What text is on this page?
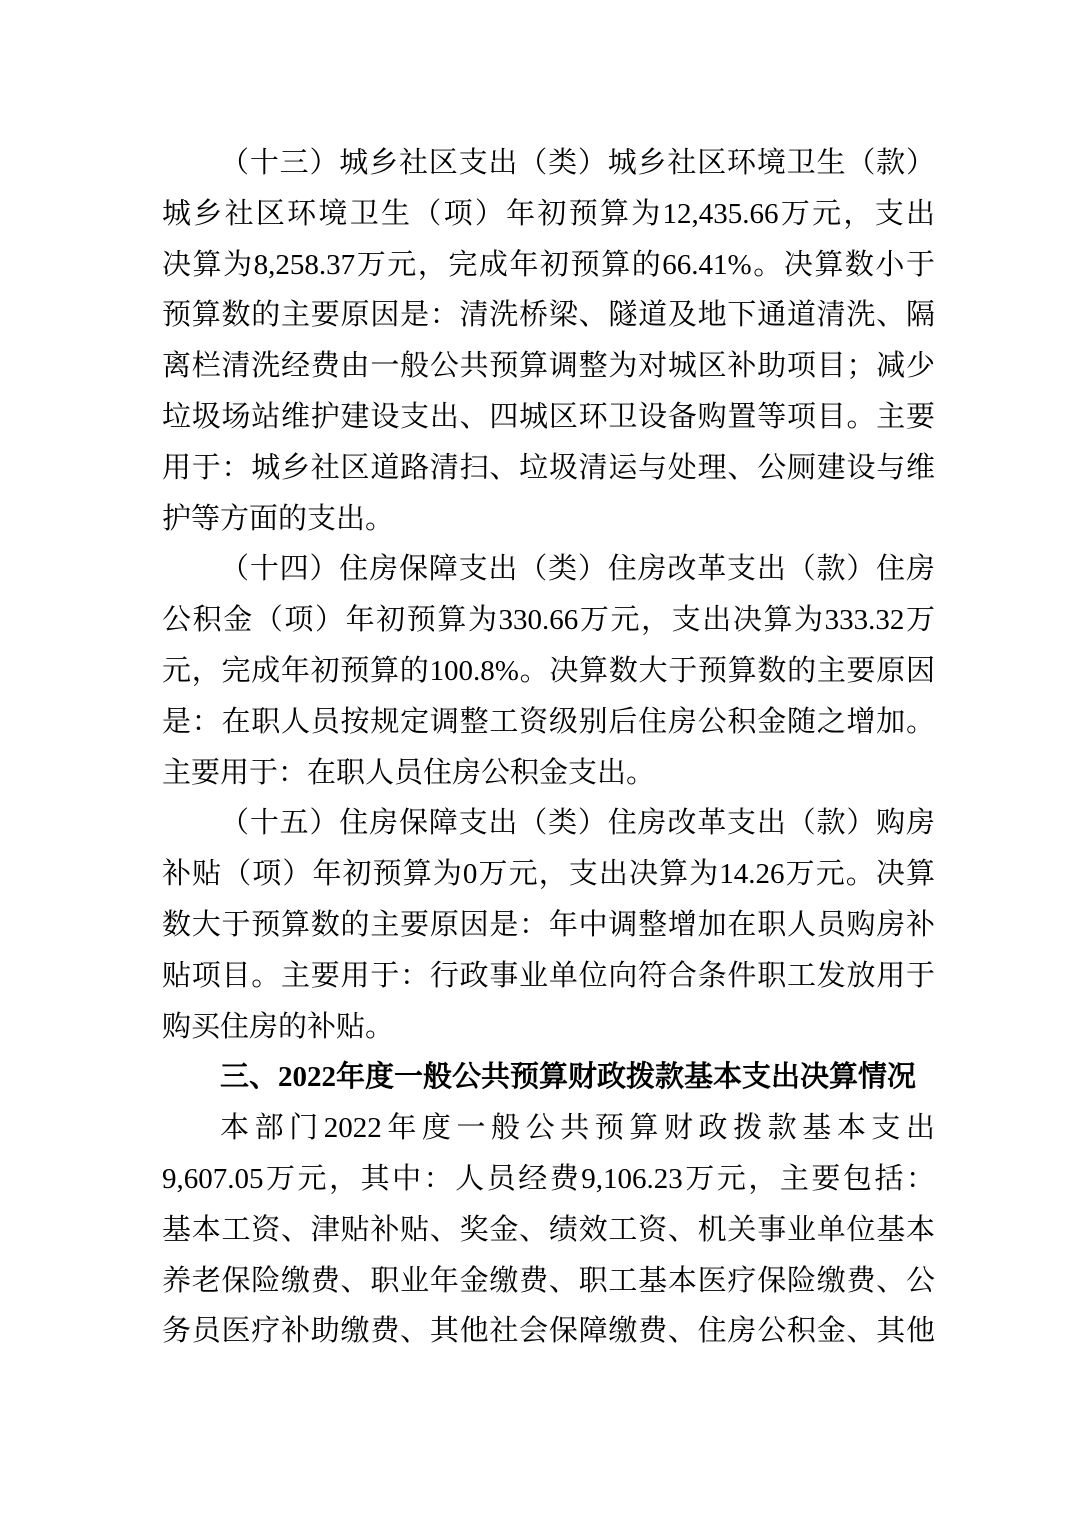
（十三）城乡社区支出（类）城乡社区环境卫生（款）
城乡社区环境卫生（项）年初预算为12,435.66万元，支出
决算为8,258.37万元，完成年初预算的66.41%。决算数小于
预算数的主要原因是：清洗桥梁、隧道及地下通道清洗、隔
离栏清洗经费由一般公共预算调整为对城区补助项目；减少
垃圾场站维护建设支出、四城区环卫设备购置等项目。主要
用于：城乡社区道路清扫、垃圾清运与处理、公厕建设与维
护等方面的支出。
（十四）住房保障支出（类）住房改革支出（款）住房
公积金（项）年初预算为330.66万元，支出决算为333.32万
元，完成年初预算的100.8%。决算数大于预算数的主要原因
是：在职人员按规定调整工资级别后住房公积金随之增加。
主要用于：在职人员住房公积金支出。
（十五）住房保障支出（类）住房改革支出（款）购房
补贴（项）年初预算为0万元，支出决算为14.26万元。决算
数大于预算数的主要原因是：年中调整增加在职人员购房补
贴项目。主要用于：行政事业单位向符合条件职工发放用于
购买住房的补贴。
三、2022年度一般公共预算财政拨款基本支出决算情况
本部门2022年度一般公共预算财政拨款基本支出
9,607.05万元，其中：人员经费9,106.23万元，主要包括：
基本工资、津贴补贴、奖金、绩效工资、机关事业单位基本
养老保险缴费、职业年金缴费、职工基本医疗保险缴费、公
务员医疗补助缴费、其他社会保障缴费、住房公积金、其他
